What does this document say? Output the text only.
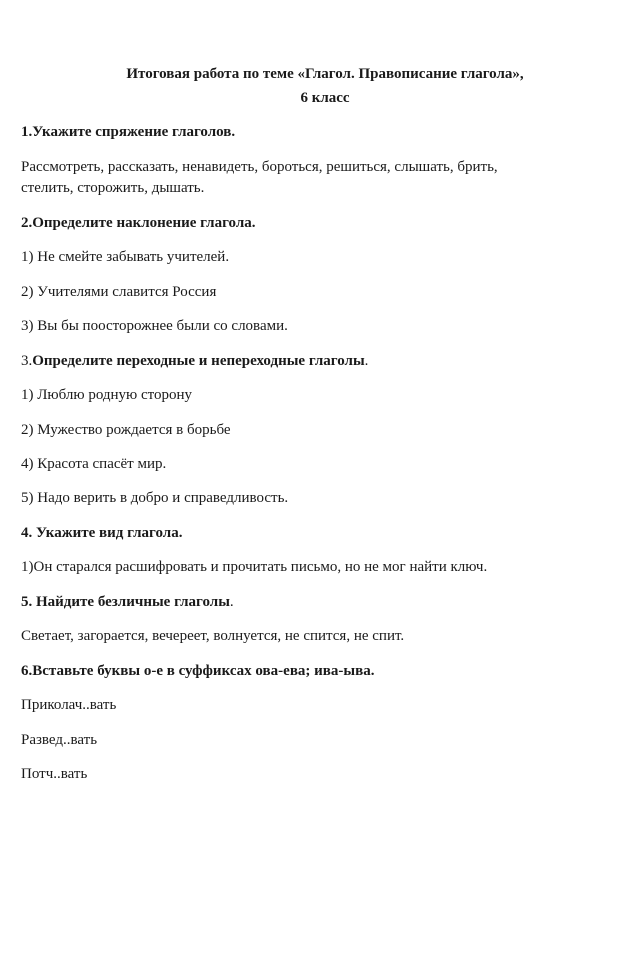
Итоговая работа по теме «Глагол. Правописание глагола»,
6 класс
1.Укажите спряжение глаголов.
Рассмотреть, рассказать, ненавидеть, бороться, решиться, слышать, брить,
стелить, сторожить, дышать.
2.Определите наклонение глагола.
1) Не смейте забывать учителей.
2) Учителями славится Россия
3) Вы бы поосторожнее были со словами.
3.Определите переходные и непереходные глаголы.
1) Люблю родную сторону
2) Мужество рождается в борьбе
4) Красота спасёт мир.
5) Надо верить в добро и справедливость.
4. Укажите вид глагола.
1)Он старался расшифровать и прочитать письмо, но не мог найти ключ.
5. Найдите безличные глаголы.
Светает, загорается, вечереет, волнуется, не спится, не спит.
6.Вставьте буквы о-е в суффиксах ова-ева; ива-ыва.
Приколач..вать
Развед..вать
Потч..вать
